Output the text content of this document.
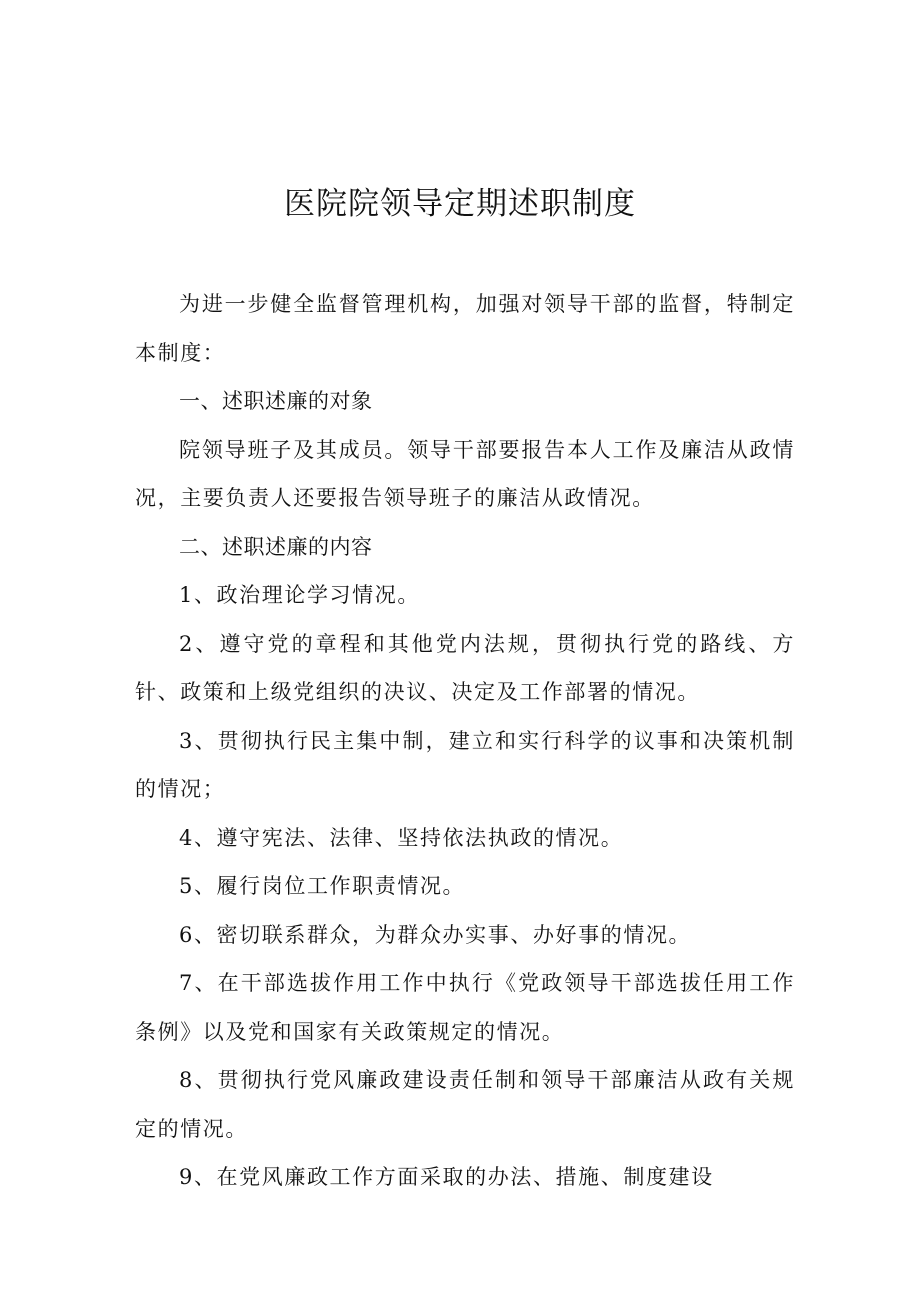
医院院领导定期述职制度

为进一步健全监督管理机构，加强对领导干部的监督，特制定本制度：

一、述职述廉的对象

院领导班子及其成员。领导干部要报告本人工作及廉洁从政情况，主要负责人还要报告领导班子的廉洁从政情况。

二、述职述廉的内容

1、政治理论学习情况。

2、遵守党的章程和其他党内法规，贯彻执行党的路线、方针、政策和上级党组织的决议、决定及工作部署的情况。

3、贯彻执行民主集中制，建立和实行科学的议事和决策机制的情况；

4、遵守宪法、法律、坚持依法执政的情况。

5、履行岗位工作职责情况。

6、密切联系群众，为群众办实事、办好事的情况。

7、在干部选拔作用工作中执行《党政领导干部选拔任用工作条例》以及党和国家有关政策规定的情况。

8、贯彻执行党风廉政建设责任制和领导干部廉洁从政有关规定的情况。

9、在党风廉政工作方面采取的办法、措施、制度建设
